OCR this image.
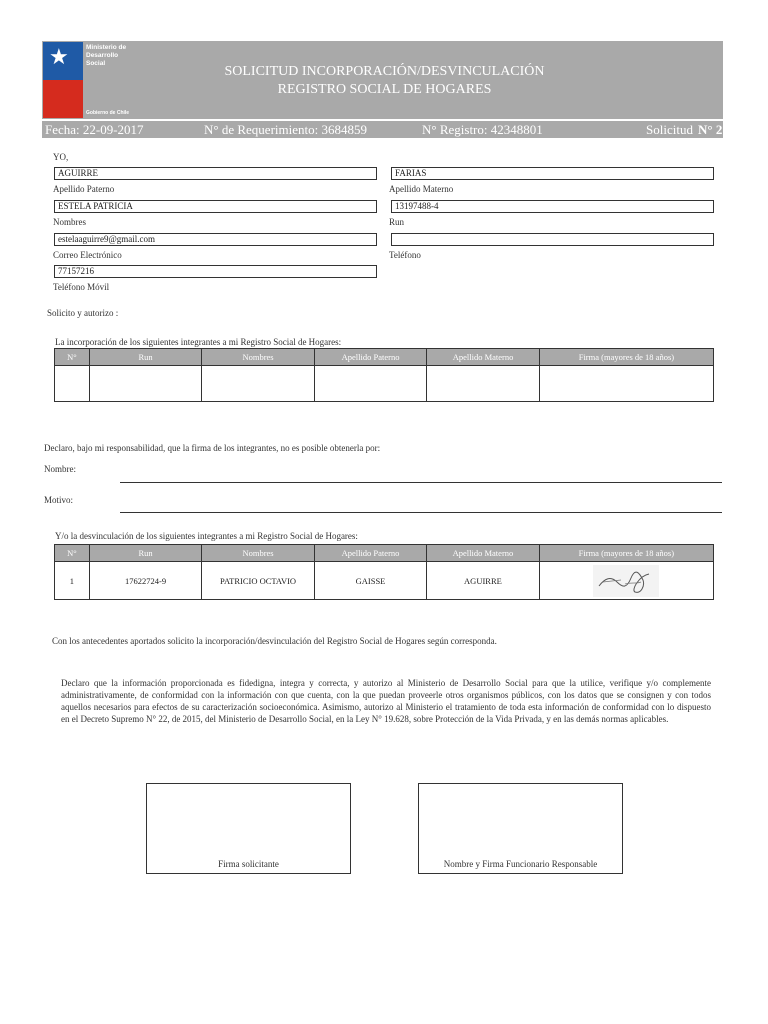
★	Ministerio de
Desarrollo
Social
Gobierno de Chile
SOLICITUD INCORPORACIÓN/DESVINCULACIÓN
REGISTRO SOCIAL DE HOGARES
Fecha: 22-09-2017	N° de Requerimiento: 3684859	N° Registro: 42348801	Solicitud N° 2
YO,
AGUIRRE
Apellido Paterno
FARIAS
Apellido Materno
ESTELA PATRICIA
Nombres
13197488-4
Run
estelaaguirre9@gmail.com
Correo Electrónico	Teléfono
77157216
Teléfono Móvil
Solicito y autorizo :
La incorporación de los siguientes integrantes a mi Registro Social de Hogares:
N°	Run	Nombres	Apellido Paterno	Apellido Materno	Firma (mayores de 18 años)

Declaro, bajo mi responsabilidad, que la firma de los integrantes, no es posible obtenerla por:
Nombre:
Motivo:
Y/o la desvinculación de los siguientes integrantes a mi Registro Social de Hogares:
N°	Run	Nombres	Apellido Paterno	Apellido Materno	Firma (mayores de 18 años)
1	17622724-9	PATRICIO OCTAVIO	GAISSE	AGUIRRE	
Con los antecedentes aportados solicito la incorporación/desvinculación del Registro Social de Hogares según corresponda.
Declaro que la información proporcionada es fidedigna, integra y correcta, y autorizo al Ministerio de Desarrollo Social para que la utilice, verifique y/o complemente administrativamente, de conformidad con la información con que cuenta, con la que puedan proveerle otros organismos públicos, con los datos que se consignen y con todos aquellos necesarios para efectos de su caracterización socioeconómica. Asimismo, autorizo al Ministerio el tratamiento de toda esta información de conformidad con lo dispuesto en el Decreto Supremo N° 22, de 2015, del Ministerio de Desarrollo Social, en la Ley N° 19.628, sobre Protección de la Vida Privada, y en las demás normas aplicables.
Firma solicitante	Nombre y Firma Funcionario Responsable
